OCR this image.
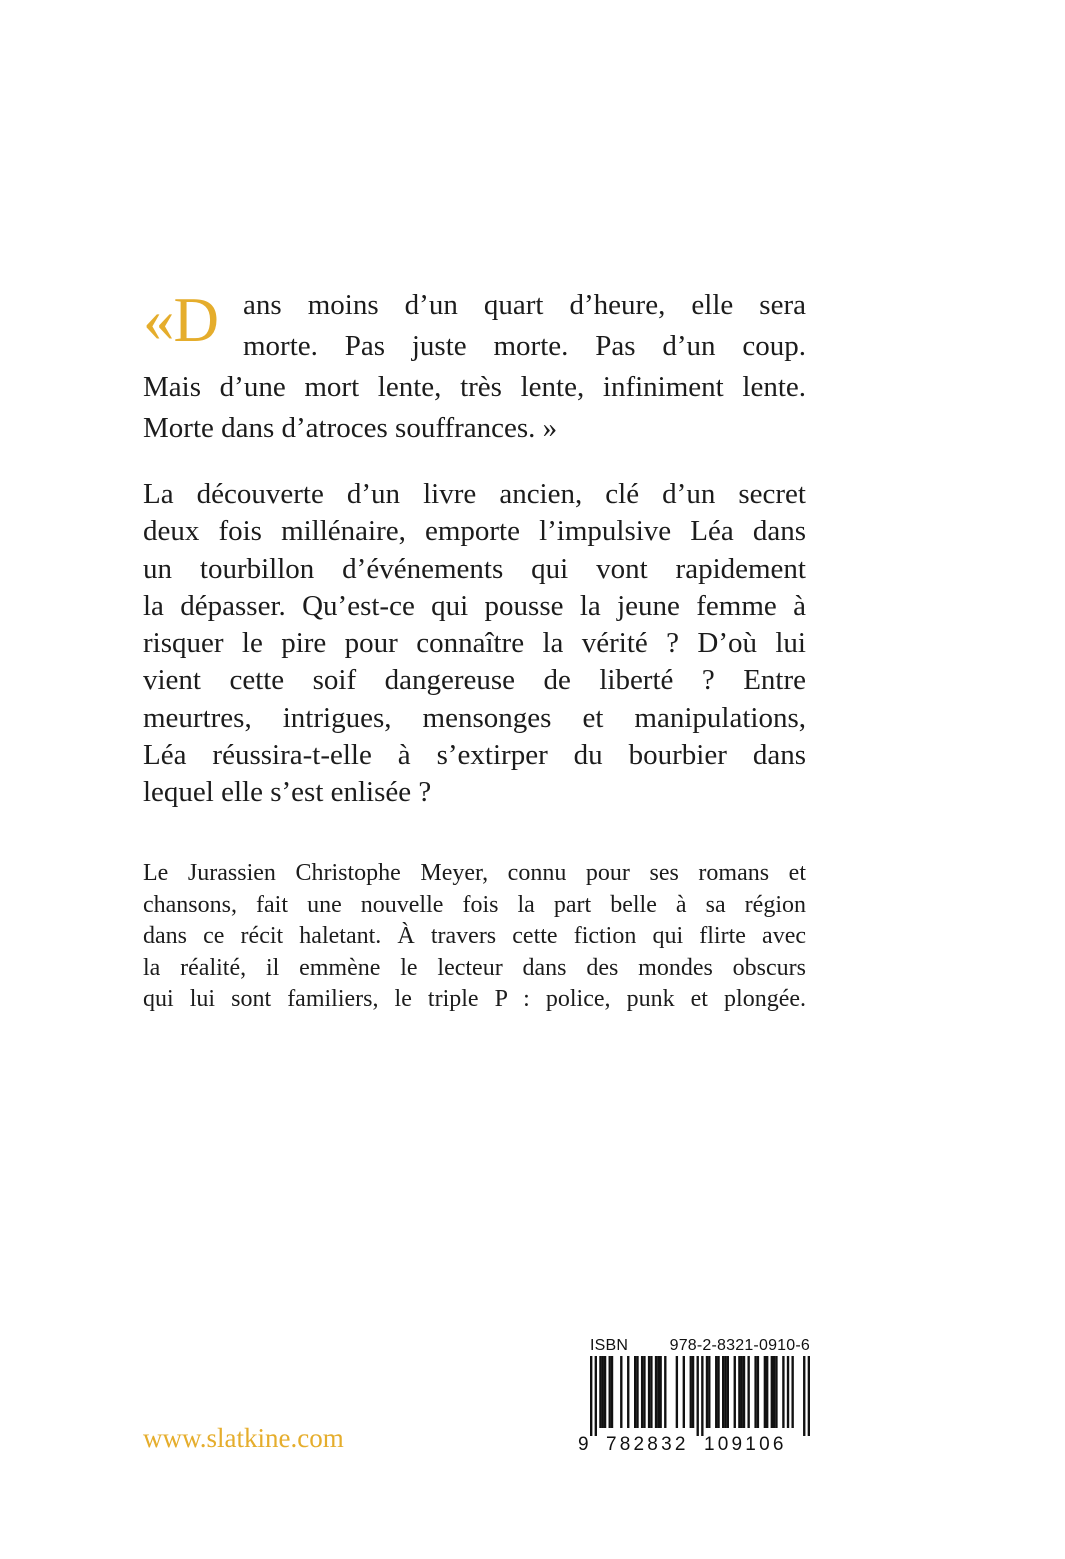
«D ans moins d’un quart d’heure, elle sera
morte. Pas juste morte. Pas d’un coup.
Mais d’une mort lente, très lente, infiniment lente.
Morte dans d’atroces souffrances. »
La découverte d’un livre ancien, clé d’un secret
deux fois millénaire, emporte l’impulsive Léa dans
un tourbillon d’événements qui vont rapidement
la dépasser. Qu’est-ce qui pousse la jeune femme à
risquer le pire pour connaître la vérité ? D’où lui
vient cette soif dangereuse de liberté ? Entre
meurtres, intrigues, mensonges et manipulations,
Léa réussira-t-elle à s’extirper du bourbier dans
lequel elle s’est enlisée ?
Le Jurassien Christophe Meyer, connu pour ses romans et
chansons, fait une nouvelle fois la part belle à sa région
dans ce récit haletant. À travers cette fiction qui flirte avec
la réalité, il emmène le lecteur dans des mondes obscurs
qui lui sont familiers, le triple P : police, punk et plongée.
www.slatkine.com
ISBN	978-2-8321-0910-6
9 782832 109106
